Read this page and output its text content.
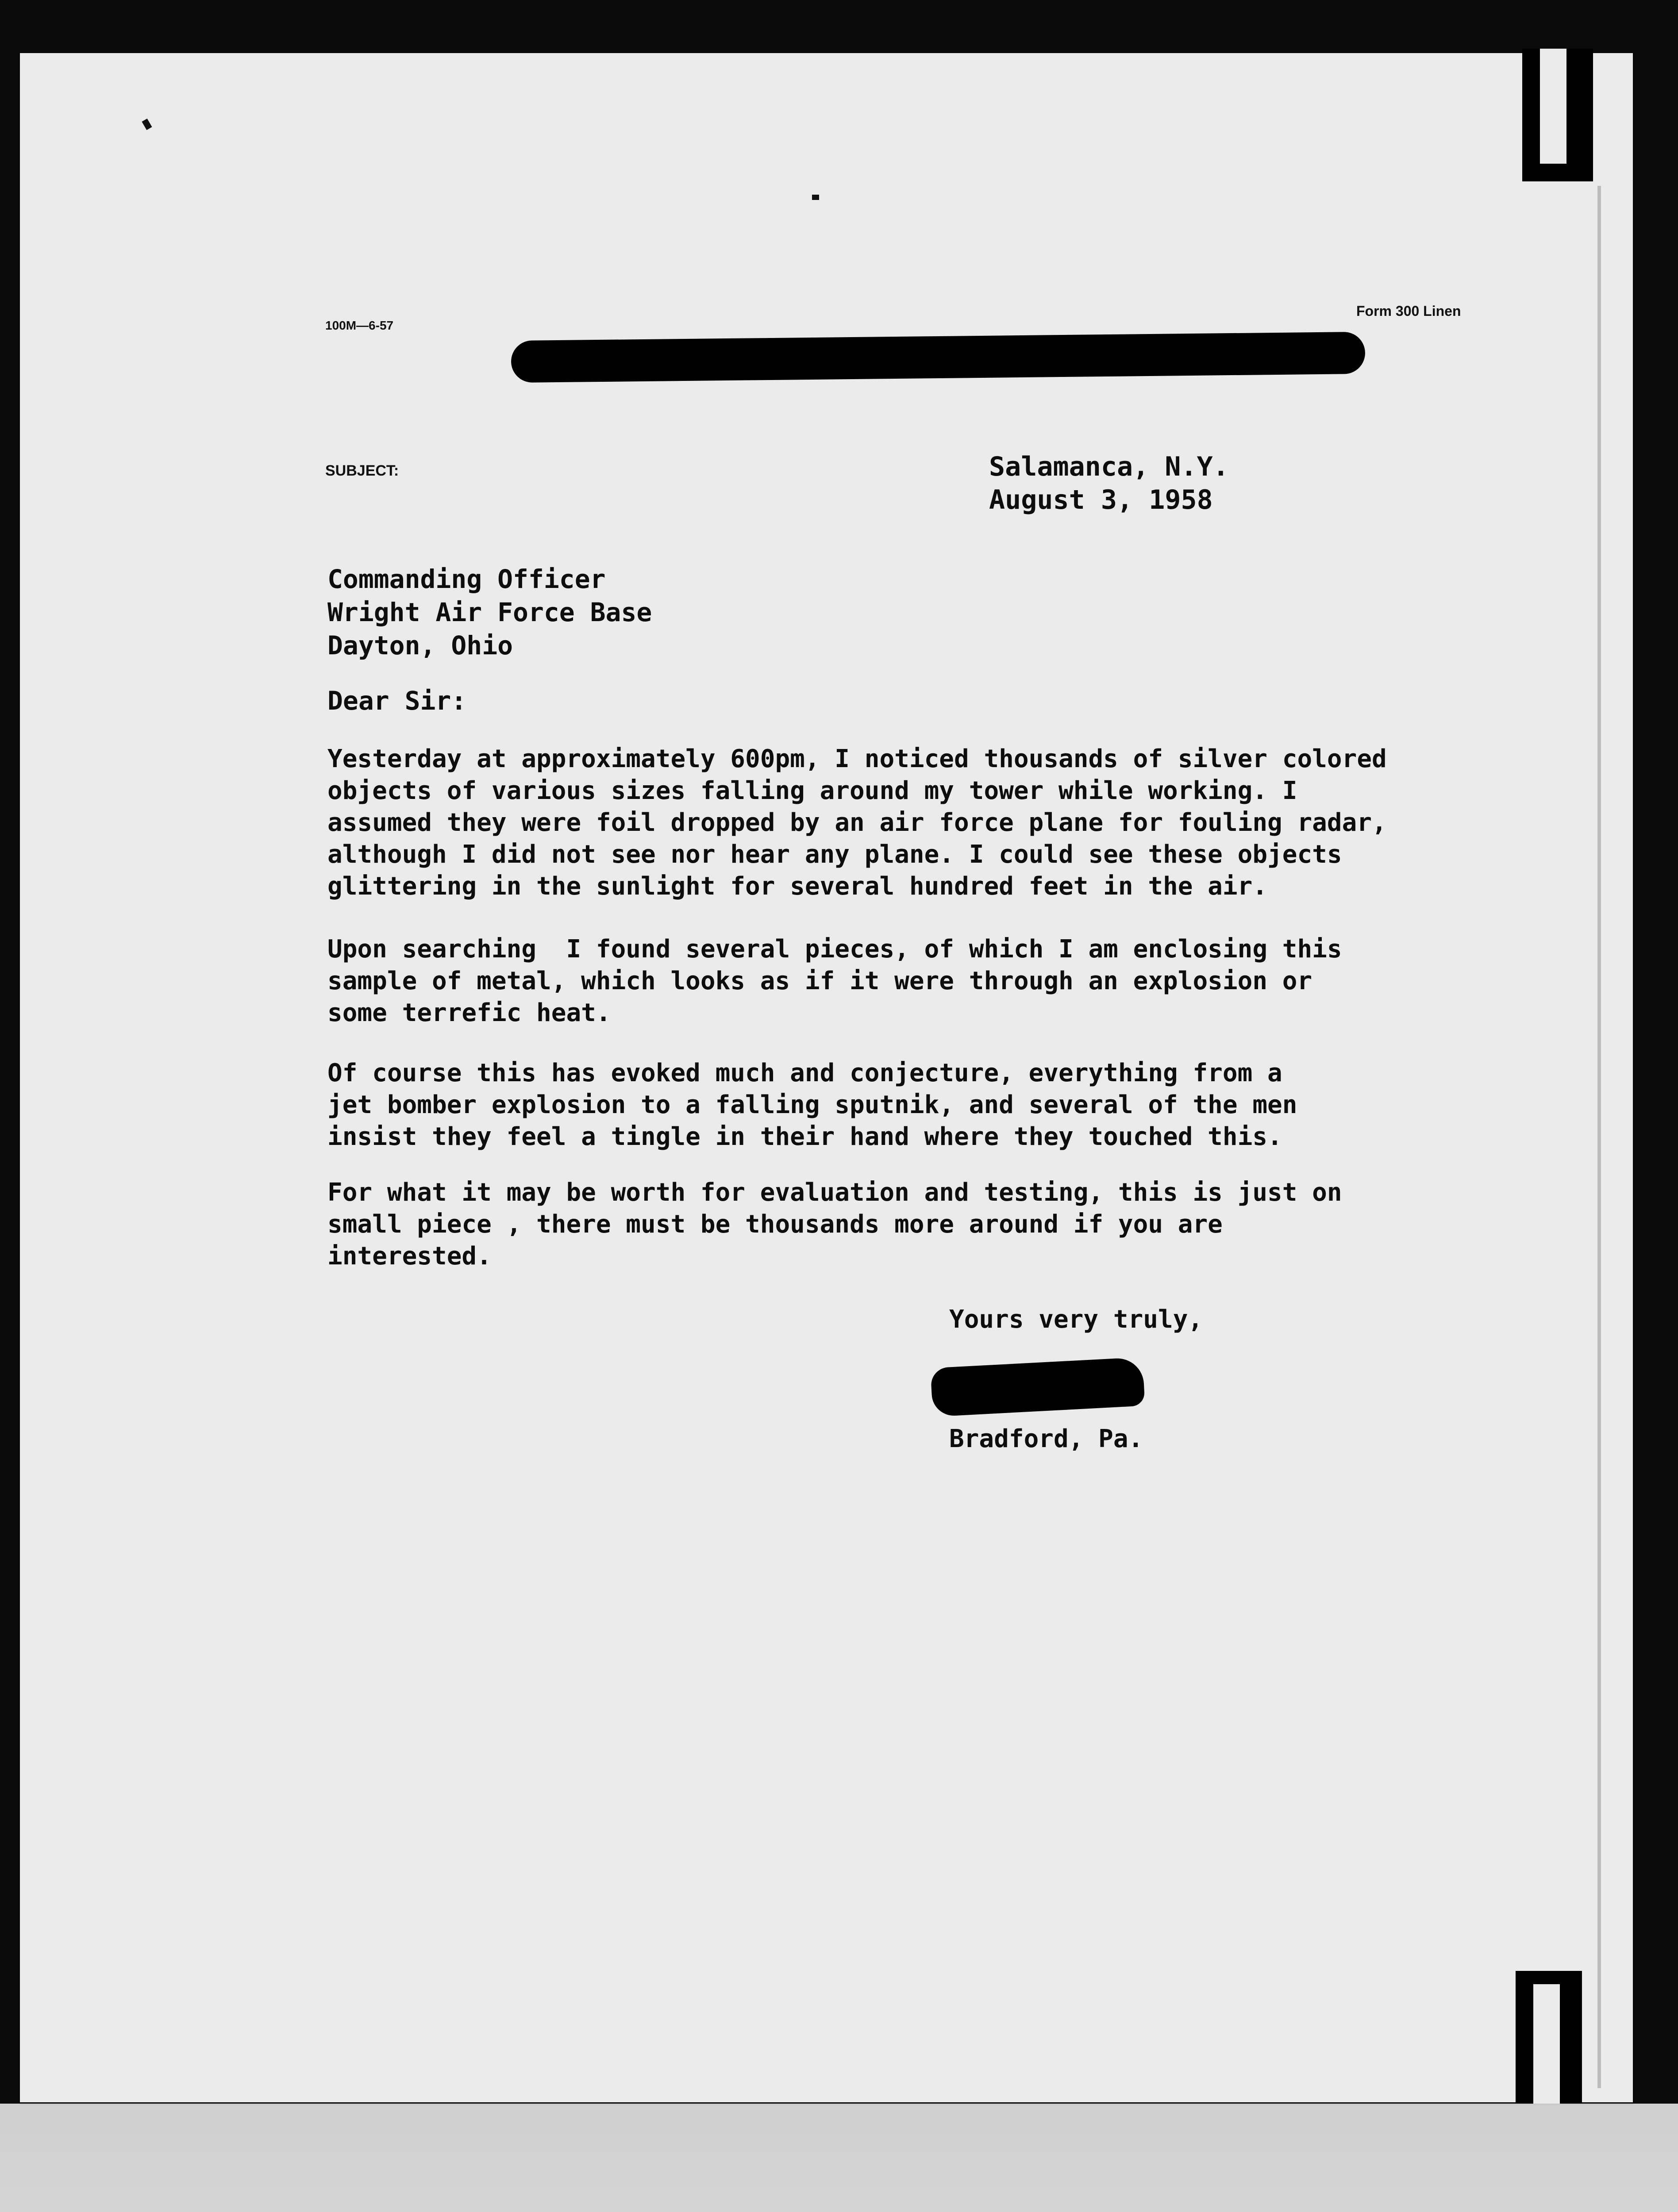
100M—6-57
Form 300 Linen
SUBJECT:	Salamanca, N.Y.
August 3, 1958
Commanding Officer
Wright Air Force Base
Dayton, Ohio
Dear Sir:
Yesterday at approximately 600pm, I noticed thousands of silver colored
objects of various sizes falling around my tower while working. I
assumed they were foil dropped by an air force plane for fouling radar,
although I did not see nor hear any plane. I could see these objects
glittering in the sunlight for several hundred feet in the air.
Upon searching  I found several pieces, of which I am enclosing this
sample of metal, which looks as if it were through an explosion or
some terrefic heat.
Of course this has evoked much and conjecture, everything from a
jet bomber explosion to a falling sputnik, and several of the men
insist they feel a tingle in their hand where they touched this.
For what it may be worth for evaluation and testing, this is just on
small piece , there must be thousands more around if you are
interested.
Yours very truly,
Bradford, Pa.
